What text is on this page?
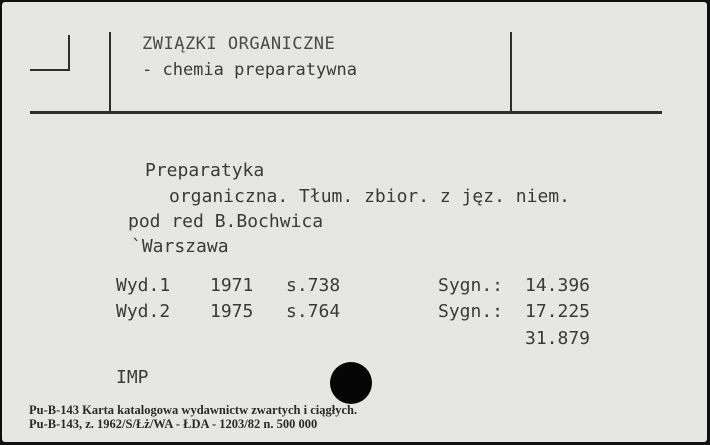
ZWIĄZKI ORGANICZNE
- chemia preparatywna
Preparatyka
organiczna. Tłum. zbior. z jęz. niem.
pod red B.Bochwica
`Warszawa
Wyd.1 1971 s.738	Sygn.: 14.396
Wyd.2 1975 s.764	Sygn.: 17.225
31.879
IMP
Pu-B-143 Karta katalogowa wydawnictw zwartych i ciągłych.
Pu-B-143, z. 1962/S/Łż/WA - ŁDA - 1203/82 n. 500 000
